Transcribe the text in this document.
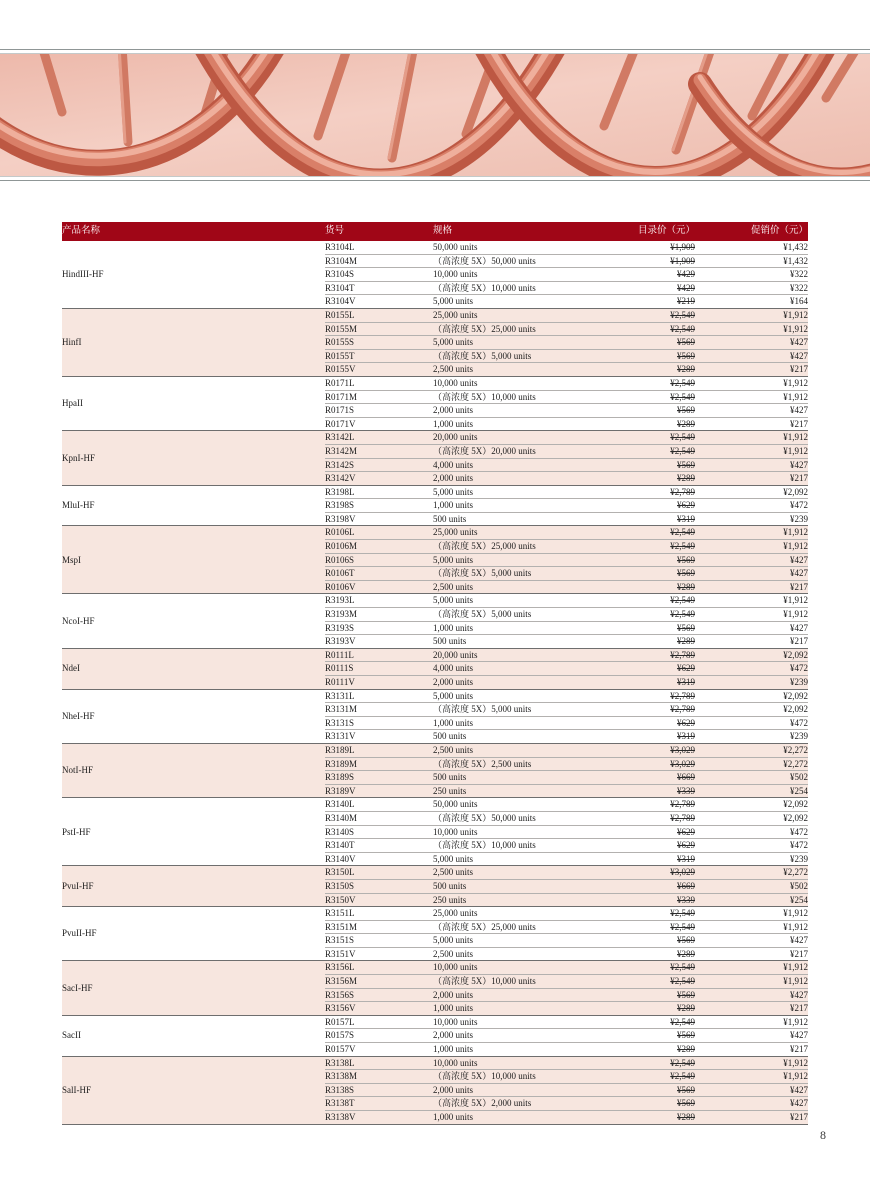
产品名称	货号	规格	目录价（元）	促销价（元）
HindIII-HF	R3104L	50,000 units	¥1,909	¥1,432
	R3104M	（高浓度 5X）50,000 units	¥1,909	¥1,432
	R3104S	10,000 units	¥429	¥322
	R3104T	（高浓度 5X）10,000 units	¥429	¥322
	R3104V	5,000 units	¥219	¥164
HinfI	R0155L	25,000 units	¥2,549	¥1,912
	R0155M	（高浓度 5X）25,000 units	¥2,549	¥1,912
	R0155S	5,000 units	¥569	¥427
	R0155T	（高浓度 5X）5,000 units	¥569	¥427
	R0155V	2,500 units	¥289	¥217
HpaII	R0171L	10,000 units	¥2,549	¥1,912
	R0171M	（高浓度 5X）10,000 units	¥2,549	¥1,912
	R0171S	2,000 units	¥569	¥427
	R0171V	1,000 units	¥289	¥217
KpnI-HF	R3142L	20,000 units	¥2,549	¥1,912
	R3142M	（高浓度 5X）20,000 units	¥2,549	¥1,912
	R3142S	4,000 units	¥569	¥427
	R3142V	2,000 units	¥289	¥217
MluI-HF	R3198L	5,000 units	¥2,789	¥2,092
	R3198S	1,000 units	¥629	¥472
	R3198V	500 units	¥319	¥239
MspI	R0106L	25,000 units	¥2,549	¥1,912
	R0106M	（高浓度 5X）25,000 units	¥2,549	¥1,912
	R0106S	5,000 units	¥569	¥427
	R0106T	（高浓度 5X）5,000 units	¥569	¥427
	R0106V	2,500 units	¥289	¥217
NcoI-HF	R3193L	5,000 units	¥2,549	¥1,912
	R3193M	（高浓度 5X）5,000 units	¥2,549	¥1,912
	R3193S	1,000 units	¥569	¥427
	R3193V	500 units	¥289	¥217
NdeI	R0111L	20,000 units	¥2,789	¥2,092
	R0111S	4,000 units	¥629	¥472
	R0111V	2,000 units	¥319	¥239
NheI-HF	R3131L	5,000 units	¥2,789	¥2,092
	R3131M	（高浓度 5X）5,000 units	¥2,789	¥2,092
	R3131S	1,000 units	¥629	¥472
	R3131V	500 units	¥319	¥239
NotI-HF	R3189L	2,500 units	¥3,029	¥2,272
	R3189M	（高浓度 5X）2,500 units	¥3,029	¥2,272
	R3189S	500 units	¥669	¥502
	R3189V	250 units	¥339	¥254
PstI-HF	R3140L	50,000 units	¥2,789	¥2,092
	R3140M	（高浓度 5X）50,000 units	¥2,789	¥2,092
	R3140S	10,000 units	¥629	¥472
	R3140T	（高浓度 5X）10,000 units	¥629	¥472
	R3140V	5,000 units	¥319	¥239
PvuI-HF	R3150L	2,500 units	¥3,029	¥2,272
	R3150S	500 units	¥669	¥502
	R3150V	250 units	¥339	¥254
PvuII-HF	R3151L	25,000 units	¥2,549	¥1,912
	R3151M	（高浓度 5X）25,000 units	¥2,549	¥1,912
	R3151S	5,000 units	¥569	¥427
	R3151V	2,500 units	¥289	¥217
SacI-HF	R3156L	10,000 units	¥2,549	¥1,912
	R3156M	（高浓度 5X）10,000 units	¥2,549	¥1,912
	R3156S	2,000 units	¥569	¥427
	R3156V	1,000 units	¥289	¥217
SacII	R0157L	10,000 units	¥2,549	¥1,912
	R0157S	2,000 units	¥569	¥427
	R0157V	1,000 units	¥289	¥217
SalI-HF	R3138L	10,000 units	¥2,549	¥1,912
	R3138M	（高浓度 5X）10,000 units	¥2,549	¥1,912
	R3138S	2,000 units	¥569	¥427
	R3138T	（高浓度 5X）2,000 units	¥569	¥427
	R3138V	1,000 units	¥289	¥217
8
